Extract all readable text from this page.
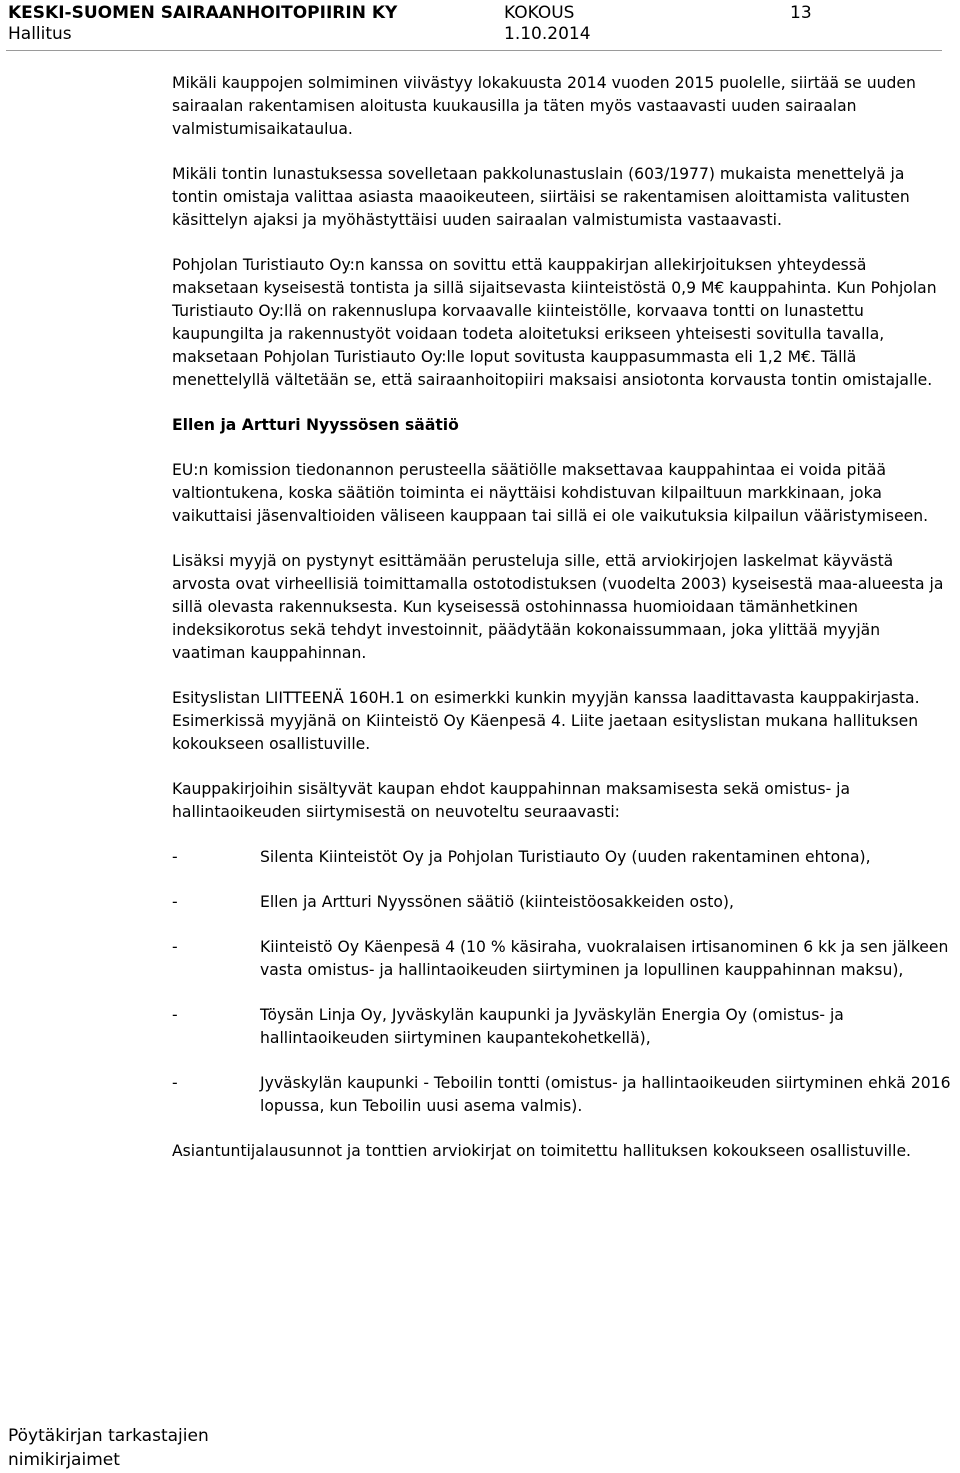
KESKI-SUOMEN SAIRAANHOITOPIIRIN KY	KOKOUS	13
Hallitus	1.10.2014

Mikäli kauppojen solmiminen viivästyy lokakuusta 2014 vuoden 2015 puolelle, siirtää se uuden sairaalan rakentamisen aloitusta kuukausilla ja täten myös vastaavasti uuden sairaalan valmistumisaikataulua.

Mikäli tontin lunastuksessa sovelletaan pakkolunastuslain (603/1977) mukaista menettelyä ja tontin omistaja valittaa asiasta maaoikeuteen, siirtäisi se rakentamisen aloittamista valitusten käsittelyn ajaksi ja myöhästyttäisi uuden sairaalan valmistumista vastaavasti.

Pohjolan Turistiauto Oy:n kanssa on sovittu että kauppakirjan allekirjoituksen yhteydessä maksetaan kyseisestä tontista ja sillä sijaitsevasta kiinteistöstä 0,9 M€ kauppahinta. Kun Pohjolan Turistiauto Oy:llä on rakennuslupa korvaavalle kiinteistölle, korvaava tontti on lunastettu kaupungilta ja rakennustyöt voidaan todeta aloitetuksi erikseen yhteisesti sovitulla tavalla, maksetaan Pohjolan Turistiauto Oy:lle loput sovitusta kauppasummasta eli 1,2 M€. Tällä menettelyllä vältetään se, että sairaanhoitopiiri maksaisi ansiotonta korvausta tontin omistajalle.

Ellen ja Artturi Nyyssösen säätiö

EU:n komission tiedonannon perusteella säätiölle maksettavaa kauppahintaa ei voida pitää valtiontukena, koska säätiön toiminta ei näyttäisi kohdistuvan kilpailtuun markkinaan, joka vaikuttaisi jäsenvaltioiden väliseen kauppaan tai sillä ei ole vaikutuksia kilpailun vääristymiseen.

Lisäksi myyjä on pystynyt esittämään perusteluja sille, että arviokirjojen laskelmat käyvästä arvosta ovat virheellisiä toimittamalla ostotodistuksen (vuodelta 2003) kyseisestä maa-alueesta ja sillä olevasta rakennuksesta. Kun kyseisessä ostohinnassa huomioidaan tämänhetkinen indeksikorotus sekä tehdyt investoinnit, päädytään kokonaissummaan, joka ylittää myyjän vaatiman kauppahinnan.

Esityslistan LIITTEENÄ 160H.1 on esimerkki kunkin myyjän kanssa laadittavasta kauppakirjasta. Esimerkissä myyjänä on Kiinteistö Oy Käenpesä 4. Liite jaetaan esityslistan mukana hallituksen kokoukseen osallistuville.

Kauppakirjoihin sisältyvät kaupan ehdot kauppahinnan maksamisesta sekä omistus- ja hallintaoikeuden siirtymisestä on neuvoteltu seuraavasti:

-	Silenta Kiinteistöt Oy ja Pohjolan Turistiauto Oy (uuden rakentaminen ehtona),
-	Ellen ja Artturi Nyyssönen säätiö (kiinteistöosakkeiden osto),
-	Kiinteistö Oy Käenpesä 4 (10 % käsiraha, vuokralaisen irtisanominen 6 kk ja sen jälkeen vasta omistus- ja hallintaoikeuden siirtyminen ja lopullinen kauppahinnan maksu),
-	Töysän Linja Oy, Jyväskylän kaupunki ja Jyväskylän Energia Oy (omistus- ja hallintaoikeuden siirtyminen kaupantekohetkellä),
-	Jyväskylän kaupunki - Teboilin tontti (omistus- ja hallintaoikeuden siirtyminen ehkä 2016 lopussa, kun Teboilin uusi asema valmis).

Asiantuntijalausunnot ja tonttien arviokirjat on toimitettu hallituksen kokoukseen osallistuville.

Pöytäkirjan tarkastajien
nimikirjaimet
